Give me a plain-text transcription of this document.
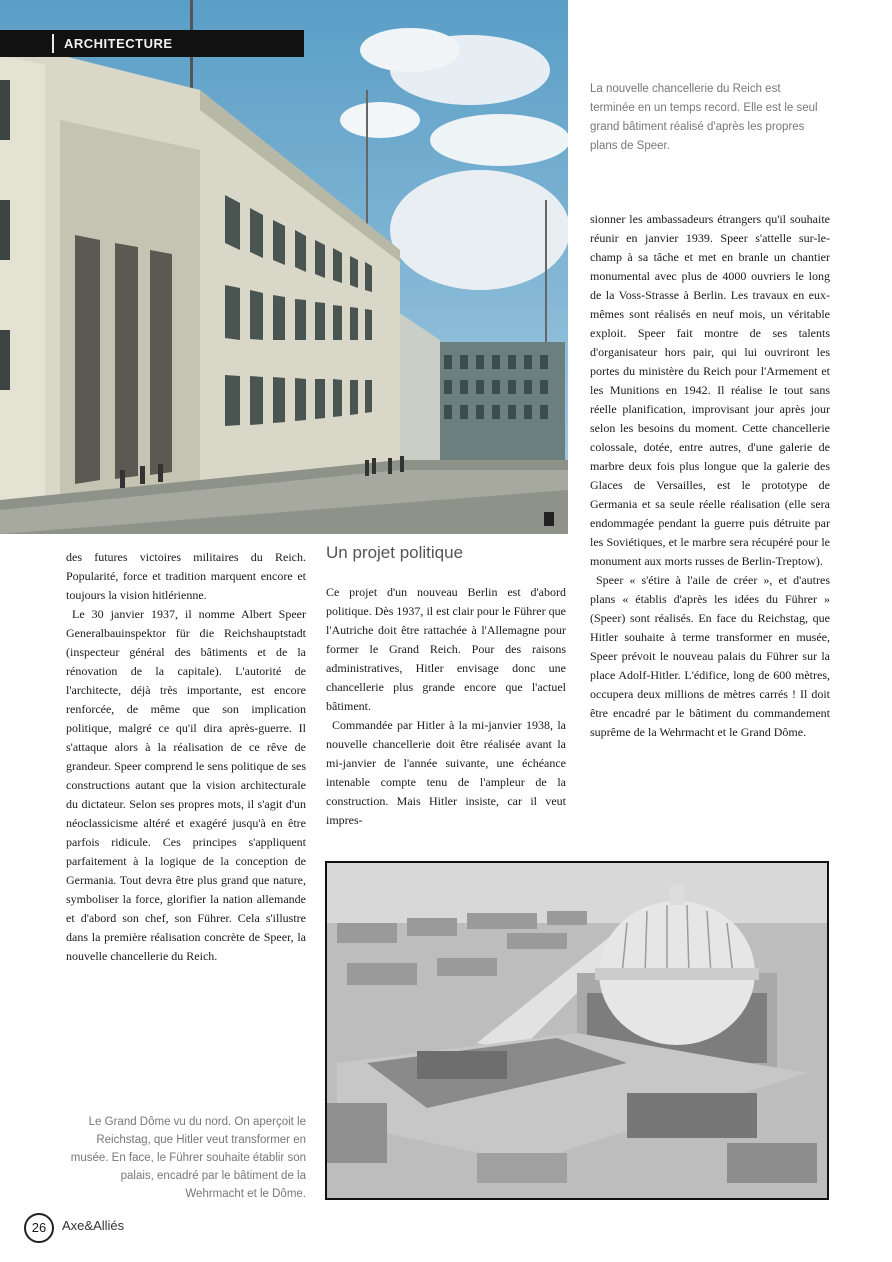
ARCHITECTURE
La nouvelle chancellerie du Reich est terminée en un temps record. Elle est le seul grand bâtiment réalisé d'après les propres plans de Speer.

sionner les ambassadeurs étrangers qu'il souhaite réunir en janvier 1939. Speer s'attelle sur-le-champ à sa tâche et met en branle un chantier monumental avec plus de 4000 ouvriers le long de la Voss-Strasse à Berlin. Les travaux en eux-mêmes sont réalisés en neuf mois, un véritable exploit. Speer fait montre de ses talents d'organisateur hors pair, qui lui ouvriront les portes du ministère du Reich pour l'Armement et les Munitions en 1942. Il réalise le tout sans réelle planification, improvisant jour après jour selon les besoins du moment. Cette chancellerie colossale, dotée, entre autres, d'une galerie de marbre deux fois plus longue que la galerie des Glaces de Versailles, est le prototype de Germania et sa seule réelle réalisation (elle sera endommagée pendant la guerre puis détruite par les Soviétiques, et le marbre sera récupéré pour le monument aux morts russes de Berlin-Treptow).

Speer « s'étire à l'aile de créer », et d'autres plans « établis d'après les idées du Führer » (Speer) sont réalisés. En face du Reichstag, que Hitler souhaite à terme transformer en musée, Speer prévoit le nouveau palais du Führer sur la place Adolf-Hitler. L'édifice, long de 600 mètres, occupera deux millions de mètres carrés ! Il doit être encadré par le bâtiment du commandement suprême de la Wehrmacht et le Grand Dôme.

des futures victoires militaires du Reich. Popularité, force et tradition marquent encore et toujours la vision hitlérienne.

Le 30 janvier 1937, il nomme Albert Speer Generalbauinspektor für die Reichshauptstadt (inspecteur général des bâtiments et de la rénovation de la capitale). L'autorité de l'architecte, déjà très importante, est encore renforcée, de même que son implication politique, malgré ce qu'il dira après-guerre. Il s'attaque alors à la réalisation de ce rêve de grandeur. Speer comprend le sens politique de ses constructions autant que la vision architecturale du dictateur. Selon ses propres mots, il s'agit d'un néoclassicisme altéré et exagéré jusqu'à en être parfois ridicule. Ces principes s'appliquent parfaitement à la logique de la conception de Germania. Tout devra être plus grand que nature, symboliser la force, glorifier la nation allemande et d'abord son chef, son Führer. Cela s'illustre dans la première réalisation concrète de Speer, la nouvelle chancellerie du Reich.

Un projet politique

Ce projet d'un nouveau Berlin est d'abord politique. Dès 1937, il est clair pour le Führer que l'Autriche doit être rattachée à l'Allemagne pour former le Grand Reich. Pour des raisons administratives, Hitler envisage donc une chancellerie plus grande encore que l'actuel bâtiment.

Commandée par Hitler à la mi-janvier 1938, la nouvelle chancellerie doit être réalisée avant la mi-janvier de l'année suivante, une échéance intenable compte tenu de l'ampleur de la construction. Mais Hitler insiste, car il veut impres-

Le Grand Dôme vu du nord. On aperçoit le Reichstag, que Hitler veut transformer en musée. En face, le Führer souhaite établir son palais, encadré par le bâtiment de la Wehrmacht et le Dôme.
26	Axe&Alliés
